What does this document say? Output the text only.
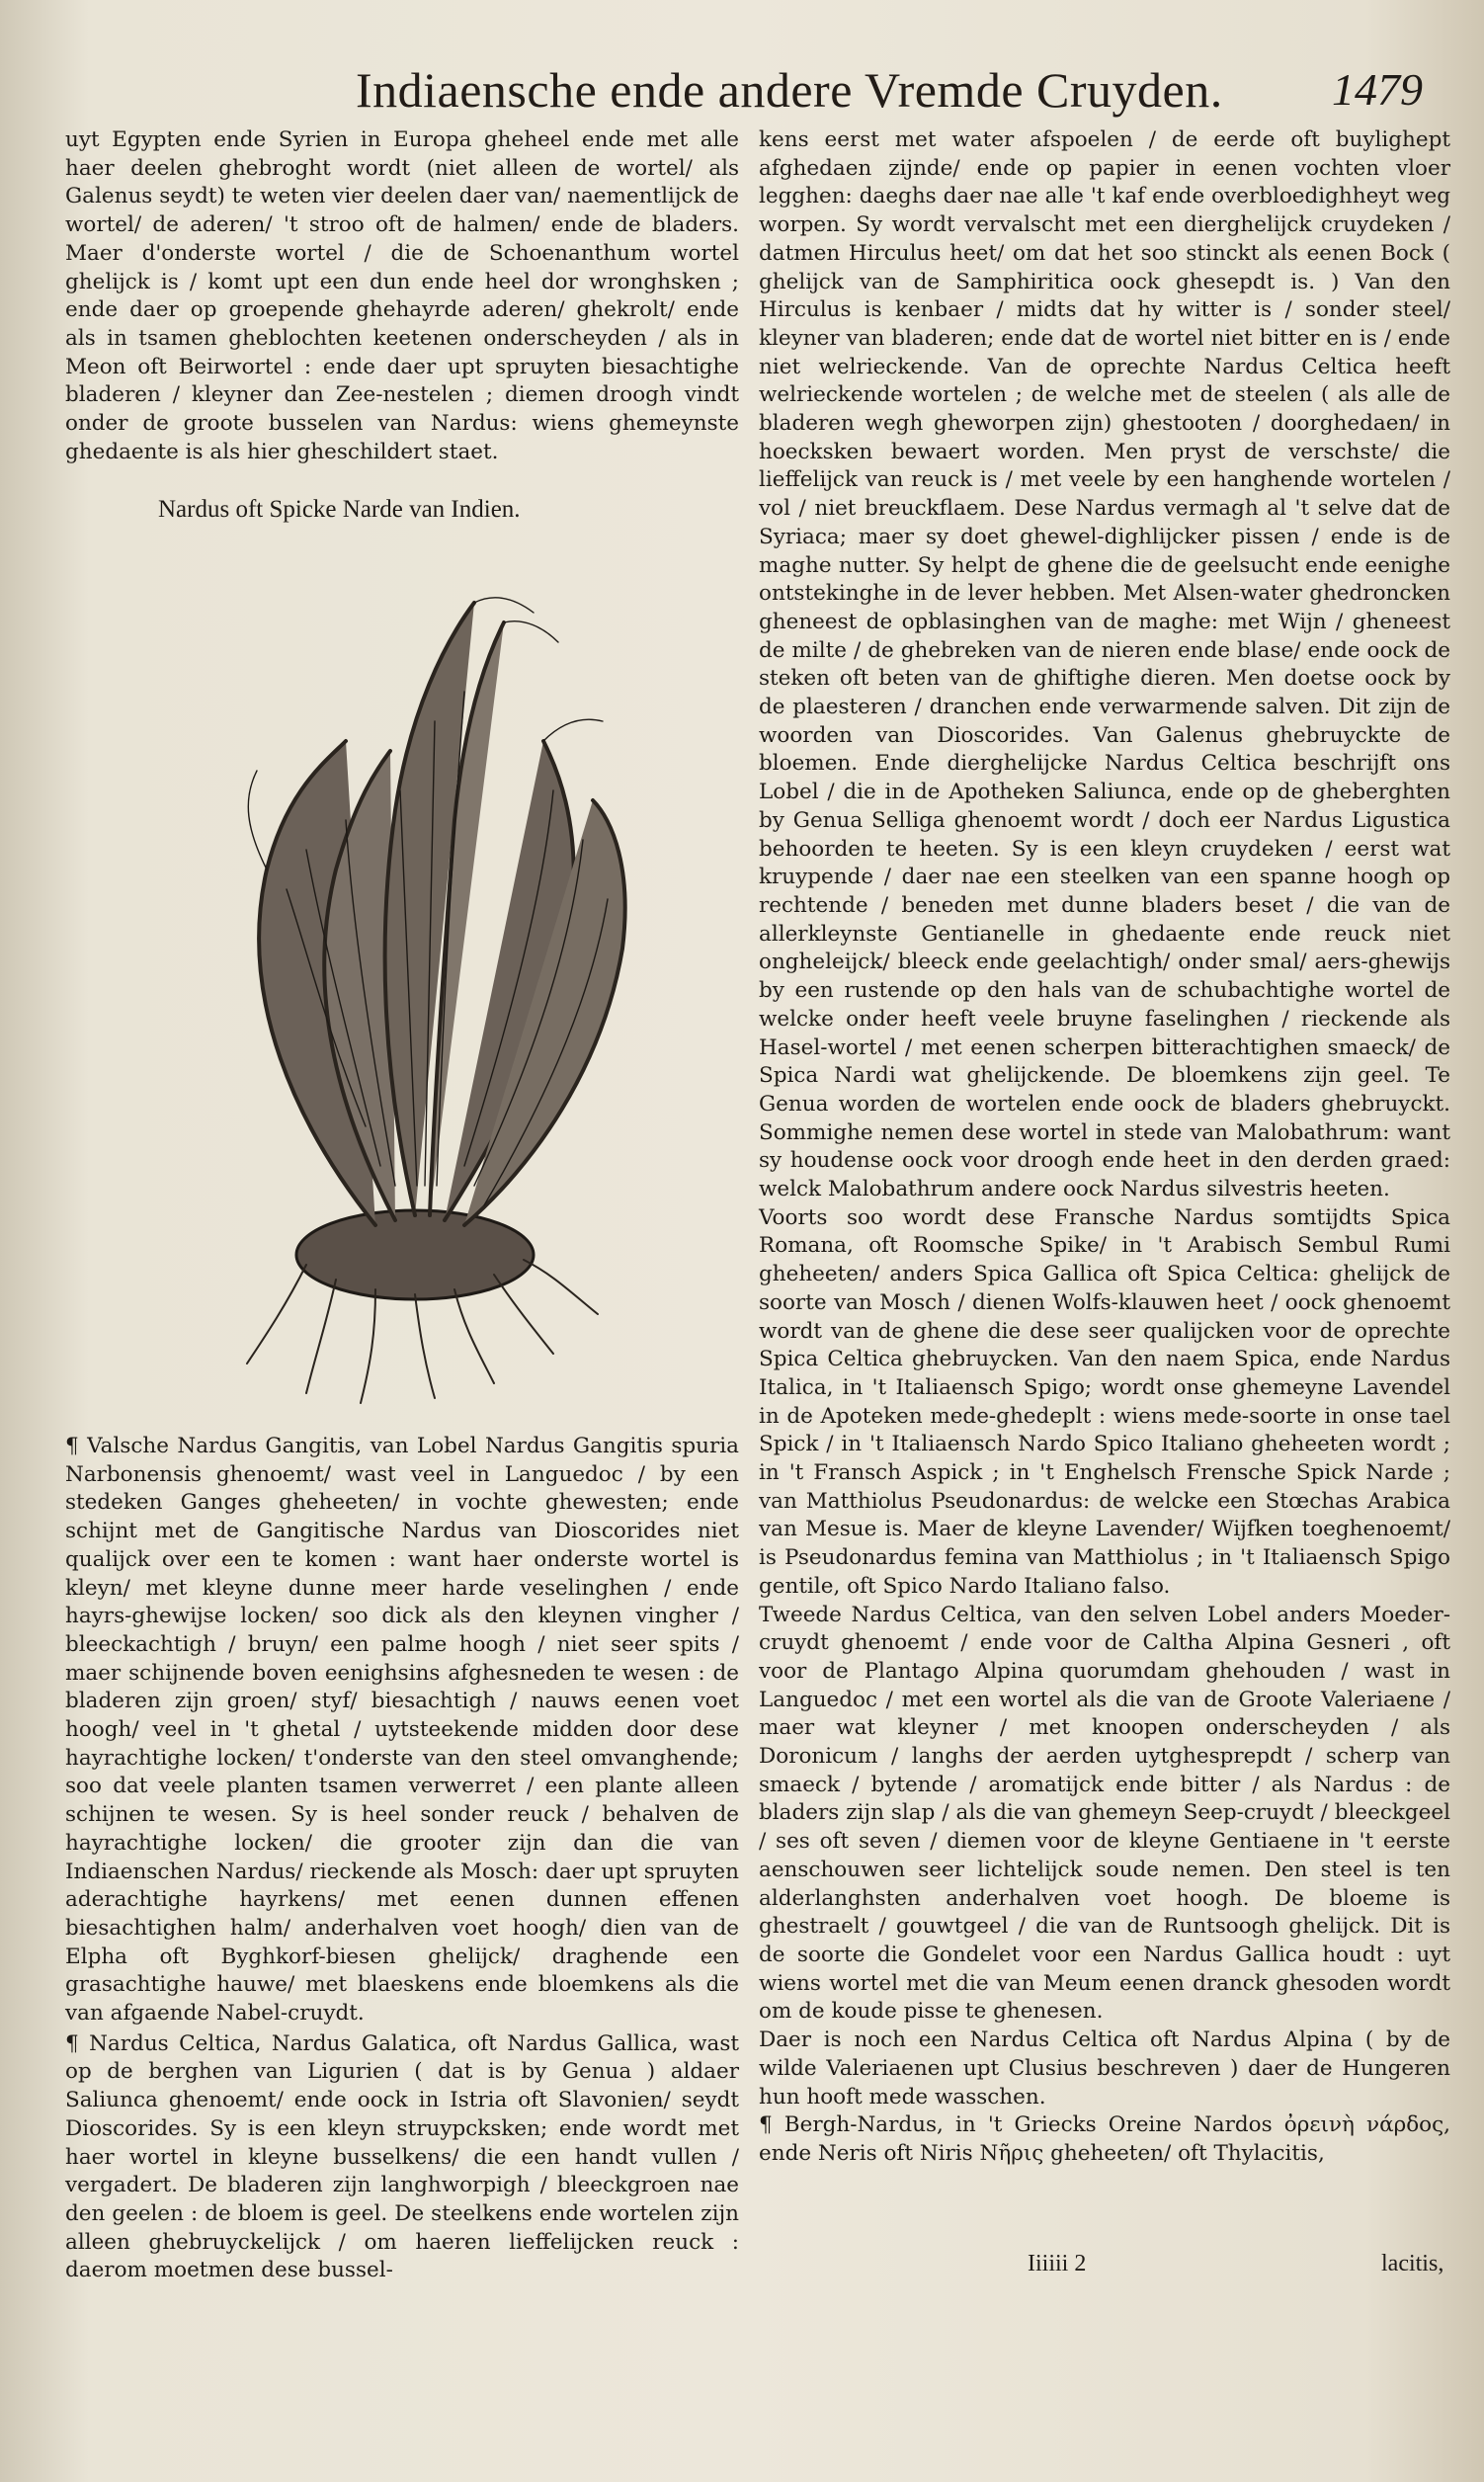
Indiaensche ende andere Vremde Cruyden. 1479

uyt Egypten ende Syrien in Europa gheheel ende met alle haer deelen ghebroght wordt (niet alleen de wortel/ als Galenus seydt) te weten vier deelen daer van/ naementlijck de wortel/ de aderen/ 't stroo oft de halmen/ ende de bladers. Maer d'onderste wortel / die de Schoenanthum wortel ghelijck is / komt upt een dun ende heel dor wronghsken ; ende daer op groepende ghehayrde aderen/ ghekrolt/ ende als in tsamen gheblochten keetenen onderscheyden / als in Meon oft Beirwortel : ende daer upt spruyten biesachtighe bladeren / kleyner dan Zee-nestelen ; diemen droogh vindt onder de groote busselen van Nardus: wiens ghemeynste ghedaente is als hier gheschildert staet.

Nardus oft Spicke Narde van Indien.

¶ Valsche Nardus Gangitis, van Lobel Nardus Gangitis spuria Narbonensis ghenoemt/ wast veel in Languedoc / by een stedeken Ganges gheheeten/ in vochte ghewesten; ende schijnt met de Gangitische Nardus van Dioscorides niet qualijck over een te komen : want haer onderste wortel is kleyn/ met kleyne dunne meer harde veselinghen / ende hayrs-ghewijse locken/ soo dick als den kleynen vingher / bleeckachtigh / bruyn/ een palme hoogh / niet seer spits / maer schijnende boven eenighsins afghesneden te wesen : de bladeren zijn groen/ styf/ biesachtigh / nauws eenen voet hoogh/ veel in 't ghetal / uytsteekende midden door dese hayrachtighe locken/ t'onderste van den steel omvanghende; soo dat veele planten tsamen verwerret / een plante alleen schijnen te wesen. Sy is heel sonder reuck / behalven de hayrachtighe locken/ die grooter zijn dan die van Indiaenschen Nardus/ rieckende als Mosch: daer upt spruyten aderachtighe hayrkens/ met eenen dunnen effenen biesachtighen halm/ anderhalven voet hoogh/ dien van de Elpha oft Byghkorf-biesen ghelijck/ draghende een grasachtighe hauwe/ met blaeskens ende bloemkens als die van afgaende Nabel-cruydt.

¶ Nardus Celtica, Nardus Galatica, oft Nardus Gallica, wast op de berghen van Ligurien ( dat is by Genua ) aldaer Saliunca ghenoemt/ ende oock in Istria oft Slavonien/ seydt Dioscorides. Sy is een kleyn struypcksken; ende wordt met haer wortel in kleyne busselkens/ die een handt vullen / vergadert. De bladeren zijn langhworpigh / bleeckgroen nae den geelen : de bloem is geel. De steelkens ende wortelen zijn alleen ghebruyckelijck / om haeren lieffelijcken reuck : daerom moetmen dese bussel-

kens eerst met water afspoelen / de eerde oft buylighept afghedaen zijnde/ ende op papier in eenen vochten vloer legghen: daeghs daer nae alle 't kaf ende overbloedighheyt weg worpen. Sy wordt vervalscht met een dierghelijck cruydeken / datmen Hirculus heet/ om dat het soo stinckt als eenen Bock ( ghelijck van de Samphiritica oock ghesepdt is. ) Van den Hirculus is kenbaer / midts dat hy witter is / sonder steel/ kleyner van bladeren; ende dat de wortel niet bitter en is / ende niet welrieckende. Van de oprechte Nardus Celtica heeft welrieckende wortelen ; de welche met de steelen ( als alle de bladeren wegh gheworpen zijn) ghestooten / doorghedaen/ in hoecksken bewaert worden. Men pryst de verschste/ die lieffelijck van reuck is / met veele by een hanghende wortelen / vol / niet breuckflaem. Dese Nardus vermagh al 't selve dat de Syriaca; maer sy doet ghewel-dighlijcker pissen / ende is de maghe nutter. Sy helpt de ghene die de geelsucht ende eenighe ontstekinghe in de lever hebben. Met Alsen-water ghedroncken gheneest de opblasinghen van de maghe: met Wijn / gheneest de milte / de ghebreken van de nieren ende blase/ ende oock de steken oft beten van de ghiftighe dieren. Men doetse oock by de plaesteren / dranchen ende verwarmende salven. Dit zijn de woorden van Dioscorides. Van Galenus ghebruyckte de bloemen. Ende dierghelijcke Nardus Celtica beschrijft ons Lobel / die in de Apotheken Saliunca, ende op de gheberghten by Genua Selliga ghenoemt wordt / doch eer Nardus Ligustica behoorden te heeten. Sy is een kleyn cruydeken / eerst wat kruypende / daer nae een steelken van een spanne hoogh op rechtende / beneden met dunne bladers beset / die van de allerkleynste Gentianelle in ghedaente ende reuck niet ongheleijck/ bleeck ende geelachtigh/ onder smal/ aers-ghewijs by een rustende op den hals van de schubachtighe wortel de welcke onder heeft veele bruyne faselinghen / rieckende als Hasel-wortel / met eenen scherpen bitterachtighen smaeck/ de Spica Nardi wat ghelijckende. De bloemkens zijn geel. Te Genua worden de wortelen ende oock de bladers ghebruyckt. Sommighe nemen dese wortel in stede van Malobathrum: want sy houdense oock voor droogh ende heet in den derden graed: welck Malobathrum andere oock Nardus silvestris heeten.

Voorts soo wordt dese Fransche Nardus somtijdts Spica Romana, oft Roomsche Spike/ in 't Arabisch Sembul Rumi gheheeten/ anders Spica Gallica oft Spica Celtica: ghelijck de soorte van Mosch / dienen Wolfs-klauwen heet / oock ghenoemt wordt van de ghene die dese seer qualijcken voor de oprechte Spica Celtica ghebruycken. Van den naem Spica, ende Nardus Italica, in 't Italiaensch Spigo; wordt onse ghemeyne Lavendel in de Apoteken mede-ghedeplt : wiens mede-soorte in onse tael Spick / in 't Italiaensch Nardo Spico Italiano gheheeten wordt ; in 't Fransch Aspick ; in 't Enghelsch Frensche Spick Narde ; van Matthiolus Pseudonardus: de welcke een Stœchas Arabica van Mesue is. Maer de kleyne Lavender/ Wijfken toeghenoemt/ is Pseudonardus femina van Matthiolus ; in 't Italiaensch Spigo gentile, oft Spico Nardo Italiano falso.

Tweede Nardus Celtica, van den selven Lobel anders Moeder-cruydt ghenoemt / ende voor de Caltha Alpina Gesneri , oft voor de Plantago Alpina quorumdam ghehouden / wast in Languedoc / met een wortel als die van de Groote Valeriaene / maer wat kleyner / met knoopen onderscheyden / als Doronicum / langhs der aerden uytghesprepdt / scherp van smaeck / bytende / aromatijck ende bitter / als Nardus : de bladers zijn slap / als die van ghemeyn Seep-cruydt / bleeckgeel / ses oft seven / diemen voor de kleyne Gentiaene in 't eerste aenschouwen seer lichtelijck soude nemen. Den steel is ten alderlanghsten anderhalven voet hoogh. De bloeme is ghestraelt / gouwtgeel / die van de Runtsoogh ghelijck. Dit is de soorte die Gondelet voor een Nardus Gallica houdt : uyt wiens wortel met die van Meum eenen dranck ghesoden wordt om de koude pisse te ghenesen.

Daer is noch een Nardus Celtica oft Nardus Alpina ( by de wilde Valeriaenen upt Clusius beschreven ) daer de Hungeren hun hooft mede wasschen.

¶ Bergh-Nardus, in 't Griecks Oreine Nardos ὀρεινὴ νάρδος, ende Neris oft Niris Νῆρις gheheeten/ oft Thylacitis,

Iiiiii 2	lacitis,
